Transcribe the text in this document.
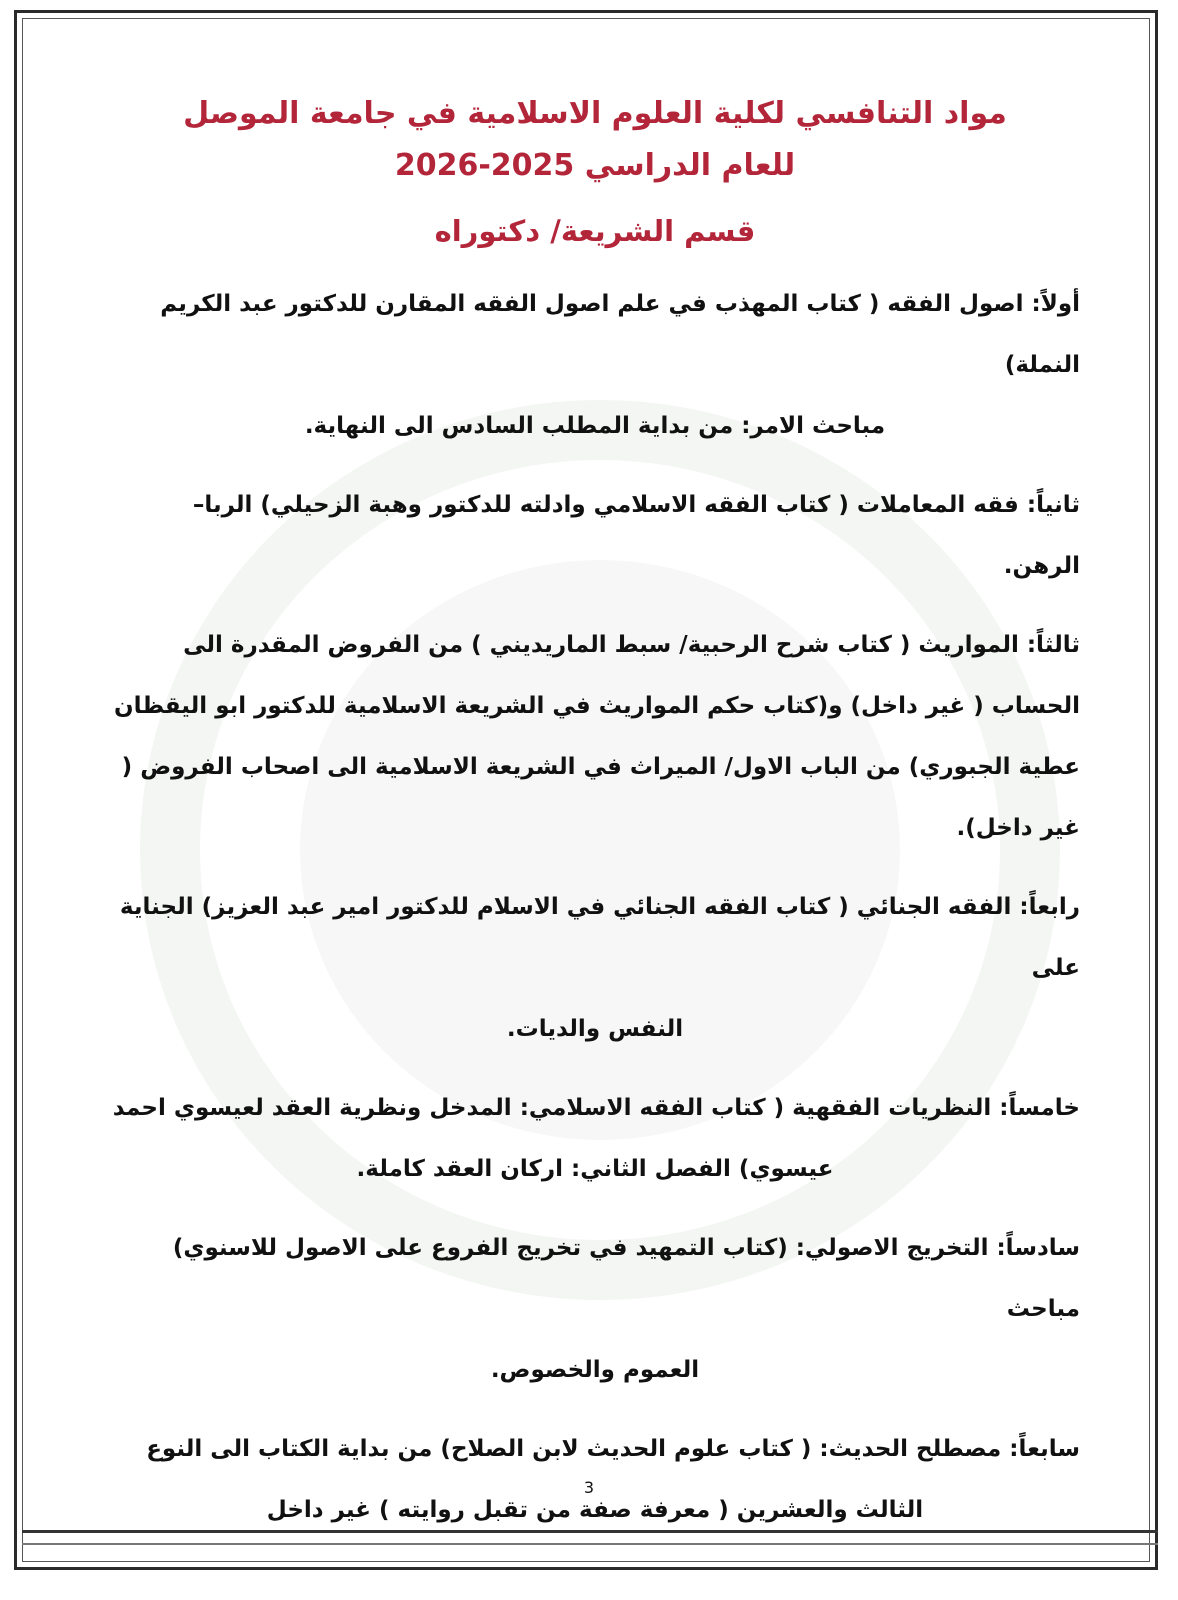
مواد التنافسي لكلية العلوم الاسلامية في جامعة الموصل

للعام الدراسي 2025-2026

قسم الشريعة/ دكتوراه

أولاً: اصول الفقه ( كتاب المهذب في علم اصول الفقه المقارن للدكتور عبد الكريم النملة)
مباحث الامر: من بداية المطلب السادس الى النهاية.

ثانياً: فقه المعاملات ( كتاب الفقه الاسلامي وادلته للدكتور وهبة الزحيلي) الربا– الرهن.

ثالثاً: المواريث ( كتاب شرح الرحبية/ سبط الماريديني ) من الفروض المقدرة الى الحساب ( غير داخل) و(كتاب حكم المواريث في الشريعة الاسلامية للدكتور ابو اليقظان عطية الجبوري) من الباب الاول/ الميراث في الشريعة الاسلامية الى اصحاب الفروض ( غير داخل).

رابعاً: الفقه الجنائي ( كتاب الفقه الجنائي في الاسلام للدكتور امير عبد العزيز) الجناية على
النفس والديات.

خامساً: النظريات الفقهية ( كتاب الفقه الاسلامي: المدخل ونظرية العقد لعيسوي احمد
عيسوي) الفصل الثاني: اركان العقد كاملة.

سادساً: التخريج الاصولي: (كتاب التمهيد في تخريج الفروع على الاصول للاسنوي) مباحث
العموم والخصوص.

سابعاً: مصطلح الحديث: ( كتاب علوم الحديث لابن الصلاح) من بداية الكتاب الى النوع
الثالث والعشرين ( معرفة صفة من تقبل روايته ) غير داخل

3
